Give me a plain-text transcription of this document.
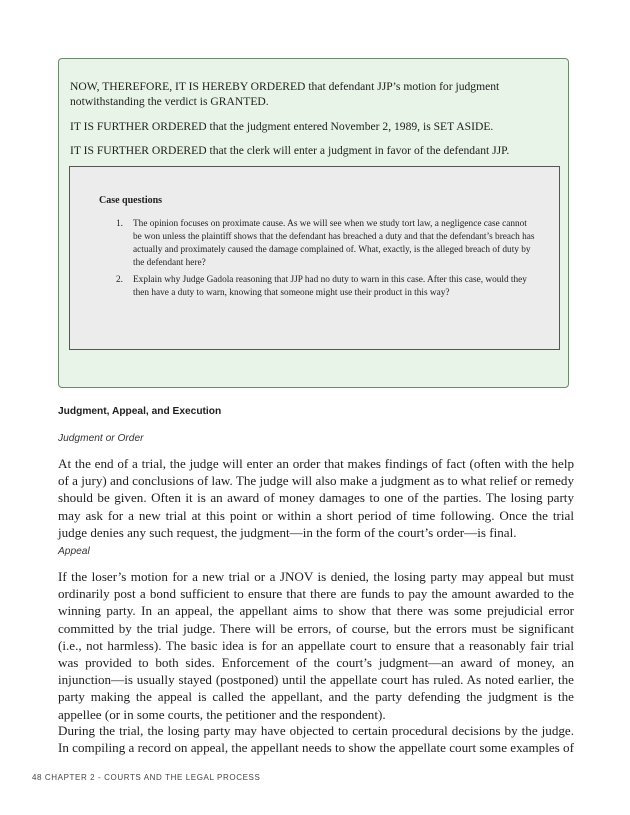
NOW, THEREFORE, IT IS HEREBY ORDERED that defendant JJP’s motion for judgment notwithstanding the verdict is GRANTED.

IT IS FURTHER ORDERED that the judgment entered November 2, 1989, is SET ASIDE.

IT IS FURTHER ORDERED that the clerk will enter a judgment in favor of the defendant JJP.

Case questions

1.	The opinion focuses on proximate cause. As we will see when we study tort law, a negligence case cannot be won unless the plaintiff shows that the defendant has breached a duty and that the defendant’s breach has actually and proximately caused the damage complained of. What, exactly, is the alleged breach of duty by the defendant here?
2.	Explain why Judge Gadola reasoning that JJP had no duty to warn in this case. After this case, would they then have a duty to warn, knowing that someone might use their product in this way?

Judgment, Appeal, and Execution

Judgment or Order

At the end of a trial, the judge will enter an order that makes findings of fact (often with the help of a jury) and conclusions of law. The judge will also make a judgment as to what relief or remedy should be given. Often it is an award of money damages to one of the parties. The losing party may ask for a new trial at this point or within a short period of time following. Once the trial judge denies any such request, the judgment—in the form of the court’s order—is final.

Appeal

If the loser’s motion for a new trial or a JNOV is denied, the losing party may appeal but must ordinarily post a bond sufficient to ensure that there are funds to pay the amount awarded to the winning party. In an appeal, the appellant aims to show that there was some prejudicial error committed by the trial judge. There will be errors, of course, but the errors must be significant (i.e., not harmless). The basic idea is for an appellate court to ensure that a reasonably fair trial was provided to both sides. Enforcement of the court’s judgment—an award of money, an injunction—is usually stayed (postponed) until the appellate court has ruled. As noted earlier, the party making the appeal is called the appellant, and the party defending the judgment is the appellee (or in some courts, the petitioner and the respondent).

During the trial, the losing party may have objected to certain procedural decisions by the judge. In compiling a record on appeal, the appellant needs to show the appellate court some examples of

48 CHAPTER 2 - COURTS AND THE LEGAL PROCESS
